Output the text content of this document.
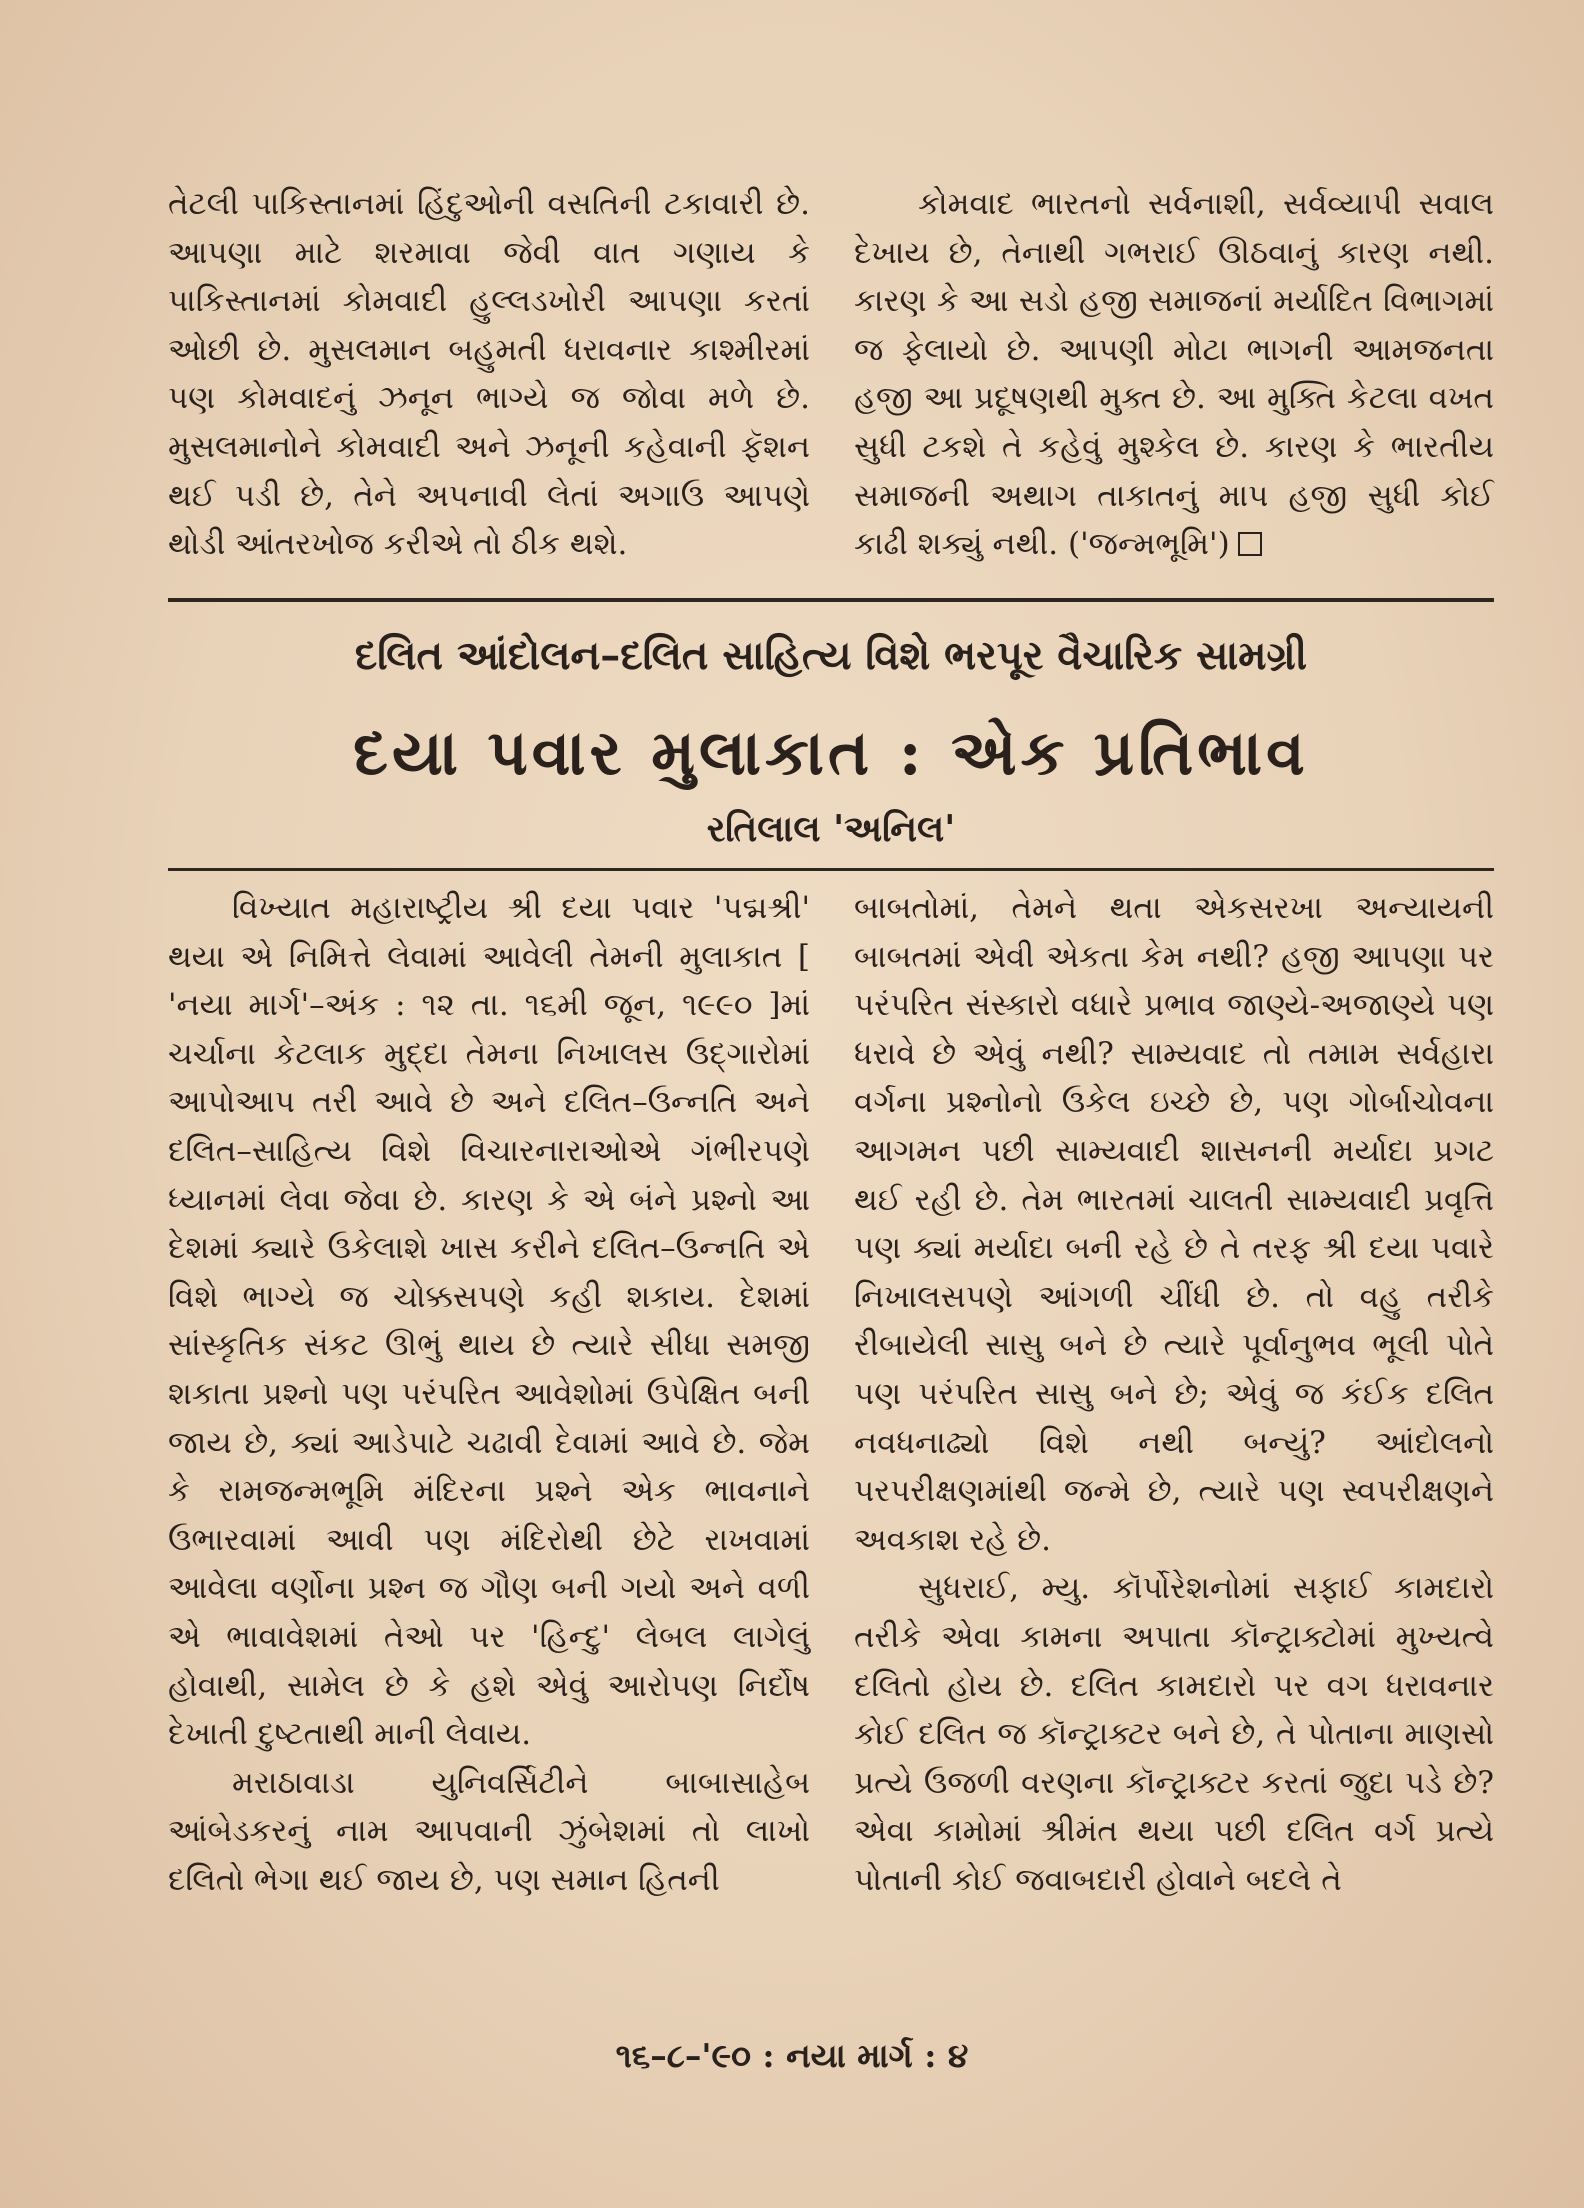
તેટલી પાકિસ્તાનમાં હિંદુઓની વસતિની ટકાવારી છે. આપણા માટે શરમાવા જેવી વાત ગણાય કે પાકિસ્તાનમાં કોમવાદી હુલ્લડખોરી આપણા કરતાં ઓછી છે. મુસલમાન બહુમતી ધરાવનાર કાશ્મીરમાં પણ કોમવાદનું ઝનૂન ભાગ્યે જ જોવા મળે છે. મુસલમાનોને કોમવાદી અને ઝનૂની કહેવાની ફૅશન થઈ પડી છે, તેને અપનાવી લેતાં અગાઉ આપણે થોડી આંતરખોજ કરીએ તો ઠીક થશે.

કોમવાદ ભારતનો સર્વનાશી, સર્વવ્યાપી સવાલ દેખાય છે, તેનાથી ગભરાઈ ઊઠવાનું કારણ નથી. કારણ કે આ સડો હજી સમાજનાં મર્યાદિત વિભાગમાં જ ફેલાયો છે. આપણી મોટા ભાગની આમજનતા હજી આ પ્રદૂષણથી મુક્ત છે. આ મુક્તિ કેટલા વખત સુધી ટકશે તે કહેવું મુશ્કેલ છે. કારણ કે ભારતીય સમાજની અથાગ તાકાતનું માપ હજી સુધી કોઈ કાઢી શક્યું નથી. ('જન્મભૂમિ')

દલિત આંદોલન–દલિત સાહિત્ય વિશે ભરપૂર વૈચારિક સામગ્રી
દયા પવાર મુલાકાત : એક પ્રતિભાવ
રતિલાલ 'અનિલ'

વિખ્યાત મહારાષ્ટ્રીય શ્રી દયા પવાર 'પદ્મશ્રી' થયા એ નિમિત્તે લેવામાં આવેલી તેમની મુલાકાત [ 'નયા માર્ગ'–અંક : ૧૨ તા. ૧૬મી જૂન, ૧૯૯૦ ]માં ચર્ચાના કેટલાક મુદ્દા તેમના નિખાલસ ઉદ્ગારોમાં આપોઆપ તરી આવે છે અને દલિત–ઉન્નતિ અને દલિત–સાહિત્ય વિશે વિચારનારાઓએ ગંભીરપણે ધ્યાનમાં લેવા જેવા છે. કારણ કે એ બંને પ્રશ્નો આ દેશમાં ક્યારે ઉકેલાશે ખાસ કરીને દલિત–ઉન્નતિ એ વિશે ભાગ્યે જ ચોક્કસપણે કહી શકાય. દેશમાં સાંસ્કૃતિક સંકટ ઊભું થાય છે ત્યારે સીધા સમજી શકાતા પ્રશ્નો પણ પરંપરિત આવેશોમાં ઉપેક્ષિત બની જાય છે, ક્યાં આડેપાટે ચઢાવી દેવામાં આવે છે. જેમ કે રામજન્મભૂમિ મંદિરના પ્રશ્ને એક ભાવનાને ઉભારવામાં આવી પણ મંદિરોથી છેટે રાખવામાં આવેલા વર્ણોના પ્રશ્ન જ ગૌણ બની ગયો અને વળી એ ભાવાવેશમાં તેઓ પર 'હિન્દુ' લેબલ લાગેલું હોવાથી, સામેલ છે કે હશે એવું આરોપણ નિર્દોષ દેખાતી દુષ્ટતાથી માની લેવાય.

મરાઠાવાડા યુનિવર્સિટીને બાબાસાહેબ આંબેડકરનું નામ આપવાની ઝુંબેશમાં તો લાખો દલિતો ભેગા થઈ જાય છે, પણ સમાન હિતની

બાબતોમાં, તેમને થતા એકસરખા અન્યાયની બાબતમાં એવી એકતા કેમ નથી? હજી આપણા પર પરંપરિત સંસ્કારો વધારે પ્રભાવ જાણ્યે-અજાણ્યે પણ ધરાવે છે એવું નથી? સામ્યવાદ તો તમામ સર્વહારા વર્ગના પ્રશ્નોનો ઉકેલ ઇચ્છે છે, પણ ગોર્બાચોવના આગમન પછી સામ્યવાદી શાસનની મર્યાદા પ્રગટ થઈ રહી છે. તેમ ભારતમાં ચાલતી સામ્યવાદી પ્રવૃત્તિ પણ ક્યાં મર્યાદા બની રહે છે તે તરફ શ્રી દયા પવારે નિખાલસપણે આંગળી ચીંધી છે. તો વહુ તરીકે રીબાયેલી સાસુ બને છે ત્યારે પૂર્વાનુભવ ભૂલી પોતે પણ પરંપરિત સાસુ બને છે; એવું જ કંઈક દલિત નવધનાઢ્યો વિશે નથી બન્યું? આંદોલનો પરપરીક્ષણમાંથી જન્મે છે, ત્યારે પણ સ્વપરીક્ષણને અવકાશ રહે છે.

સુધરાઈ, મ્યુ. કૉર્પોરેશનોમાં સફાઈ કામદારો તરીકે એવા કામના અપાતા કૉન્ટ્રાક્ટોમાં મુખ્યત્વે દલિતો હોય છે. દલિત કામદારો પર વગ ધરાવનાર કોઈ દલિત જ કૉન્ટ્રાક્ટર બને છે, તે પોતાના માણસો પ્રત્યે ઉજળી વરણના કૉન્ટ્રાક્ટર કરતાં જુદા પડે છે? એવા કામોમાં શ્રીમંત થયા પછી દલિત વર્ગ પ્રત્યે પોતાની કોઈ જવાબદારી હોવાને બદલે તે

૧૬–૮–'૯૦ : નયા માર્ગ : ૪
